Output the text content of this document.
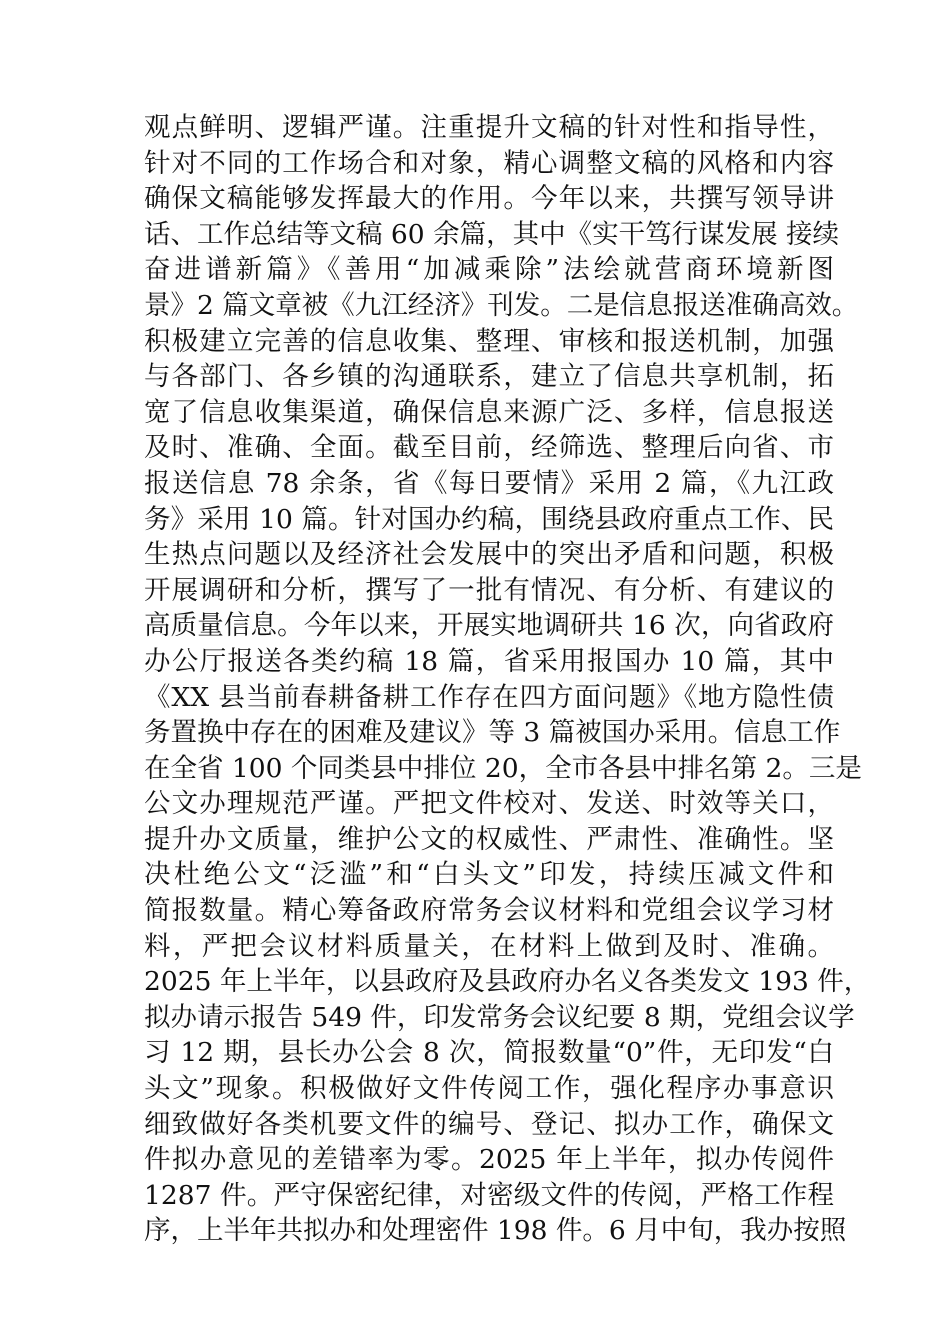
观点鲜明、逻辑严谨。注重提升文稿的针对性和指导性，
针对不同的工作场合和对象，精心调整文稿的风格和内容
确保文稿能够发挥最大的作用。今年以来，共撰写领导讲
话、工作总结等文稿 60 余篇，其中《实干笃行谋发展 接续
奋进谱新篇》《善用“加减乘除”法绘就营商环境新图
景》2 篇文章被《九江经济》刊发。二是信息报送准确高效。
积极建立完善的信息收集、整理、审核和报送机制，加强
与各部门、各乡镇的沟通联系，建立了信息共享机制，拓
宽了信息收集渠道，确保信息来源广泛、多样，信息报送
及时、准确、全面。截至目前，经筛选、整理后向省、市
报送信息 78 余条，省《每日要情》采用 2 篇，《九江政
务》采用 10 篇。针对国办约稿，围绕县政府重点工作、民
生热点问题以及经济社会发展中的突出矛盾和问题，积极
开展调研和分析，撰写了一批有情况、有分析、有建议的
高质量信息。今年以来，开展实地调研共 16 次，向省政府
办公厅报送各类约稿 18 篇，省采用报国办 10 篇，其中
《XX 县当前春耕备耕工作存在四方面问题》《地方隐性债
务置换中存在的困难及建议》等 3 篇被国办采用。信息工作
在全省 100 个同类县中排位 20，全市各县中排名第 2。三是
公文办理规范严谨。严把文件校对、发送、时效等关口，
提升办文质量，维护公文的权威性、严肃性、准确性。坚
决杜绝公文“泛滥”和“白头文”印发，持续压减文件和
简报数量。精心筹备政府常务会议材料和党组会议学习材
料，严把会议材料质量关，在材料上做到及时、准确。
2025 年上半年，以县政府及县政府办名义各类发文 193 件，
拟办请示报告 549 件，印发常务会议纪要 8 期，党组会议学
习 12 期，县长办公会 8 次，简报数量“0”件，无印发“白
头文”现象。积极做好文件传阅工作，强化程序办事意识
细致做好各类机要文件的编号、登记、拟办工作，确保文
件拟办意见的差错率为零。2025 年上半年，拟办传阅件
1287 件。严守保密纪律，对密级文件的传阅，严格工作程
序，上半年共拟办和处理密件 198 件。6 月中旬，我办按照
